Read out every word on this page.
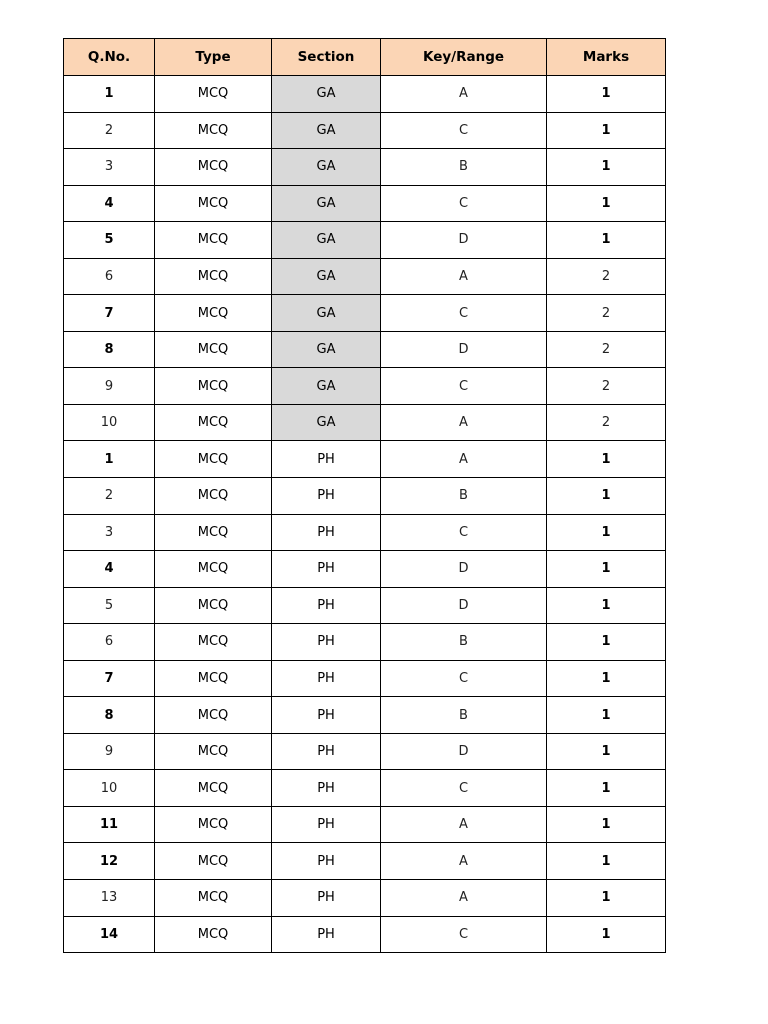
Q.No.	Type	Section	Key/Range	Marks
1	MCQ	GA	A	1
2	MCQ	GA	C	1
3	MCQ	GA	B	1
4	MCQ	GA	C	1
5	MCQ	GA	D	1
6	MCQ	GA	A	2
7	MCQ	GA	C	2
8	MCQ	GA	D	2
9	MCQ	GA	C	2
10	MCQ	GA	A	2
1	MCQ	PH	A	1
2	MCQ	PH	B	1
3	MCQ	PH	C	1
4	MCQ	PH	D	1
5	MCQ	PH	D	1
6	MCQ	PH	B	1
7	MCQ	PH	C	1
8	MCQ	PH	B	1
9	MCQ	PH	D	1
10	MCQ	PH	C	1
11	MCQ	PH	A	1
12	MCQ	PH	A	1
13	MCQ	PH	A	1
14	MCQ	PH	C	1
